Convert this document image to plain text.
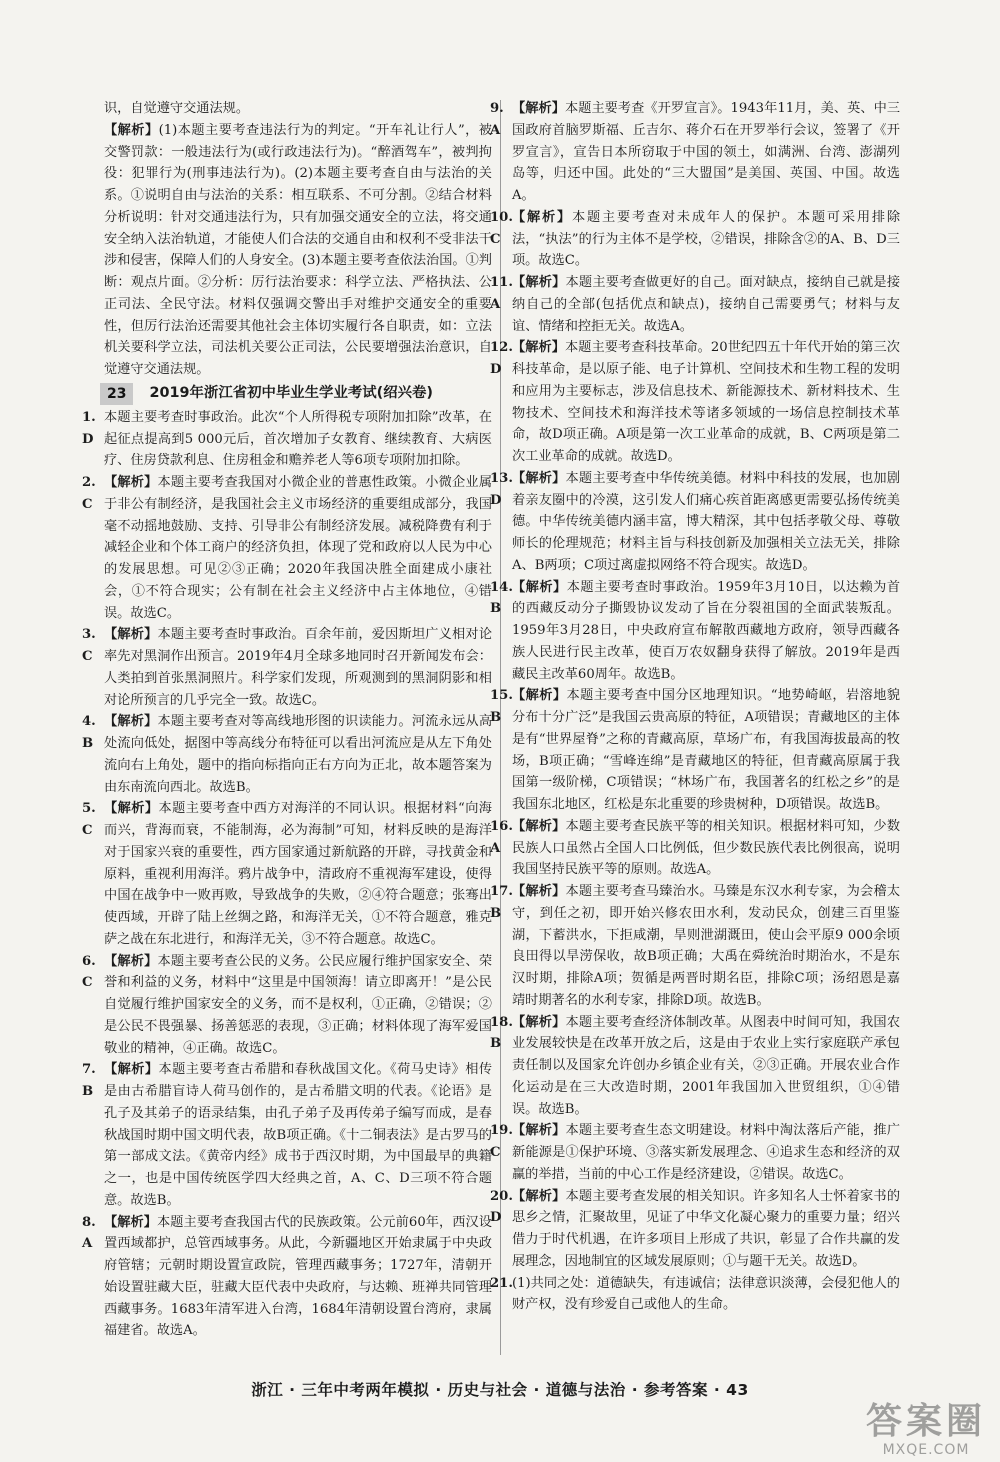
识，自觉遵守交通法规。

【解析】(1)本题主要考查违法行为的判定。“开车礼让行人”，被交警罚款：一般违法行为(或行政违法行为)。“醉酒驾车”，被判拘役：犯罪行为(刑事违法行为)。(2)本题主要考查自由与法治的关系。①说明自由与法治的关系：相互联系、不可分割。②结合材料分析说明：针对交通违法行为，只有加强交通安全的立法，将交通安全纳入法治轨道，才能使人们合法的交通自由和权利不受非法干涉和侵害，保障人们的人身安全。(3)本题主要考查依法治国。①判断：观点片面。②分析：厉行法治要求：科学立法、严格执法、公正司法、全民守法。材料仅强调交警出手对维护交通安全的重要性，但厉行法治还需要其他社会主体切实履行各自职责，如：立法机关要科学立法，司法机关要公正司法，公民要增强法治意识，自觉遵守交通法规。

23	2019年浙江省初中毕业生学业考试(绍兴卷)
1. D
本题主要考查时事政治。此次“个人所得税专项附加扣除”改革，在起征点提高到5 000元后，首次增加子女教育、继续教育、大病医疗、住房贷款利息、住房租金和赡养老人等6项专项附加扣除。
2. C
【解析】本题主要考查我国对小微企业的普惠性政策。小微企业属于非公有制经济，是我国社会主义市场经济的重要组成部分，我国毫不动摇地鼓励、支持、引导非公有制经济发展。减税降费有利于减轻企业和个体工商户的经济负担，体现了党和政府以人民为中心的发展思想。可见②③正确；2020年我国决胜全面建成小康社会，①不符合现实；公有制在社会主义经济中占主体地位，④错误。故选C。
3. C
【解析】本题主要考查时事政治。百余年前，爱因斯坦广义相对论率先对黑洞作出预言。2019年4月全球多地同时召开新闻发布会：人类拍到首张黑洞照片。科学家们发现，所观测到的黑洞阴影和相对论所预言的几乎完全一致。故选C。
4. B
【解析】本题主要考查对等高线地形图的识读能力。河流永远从高处流向低处，据图中等高线分布特征可以看出河流应是从左下角处流向右上角处，题中的指向标指向正右方向为正北，故本题答案为由东南流向西北。故选B。
5. C
【解析】本题主要考查中西方对海洋的不同认识。根据材料“向海而兴，背海而衰，不能制海，必为海制”可知，材料反映的是海洋对于国家兴衰的重要性，西方国家通过新航路的开辟，寻找黄金和原料，重视利用海洋。鸦片战争中，清政府不重视海军建设，使得中国在战争中一败再败，导致战争的失败，②④符合题意；张骞出使西域，开辟了陆上丝绸之路，和海洋无关，①不符合题意，雅克萨之战在东北进行，和海洋无关，③不符合题意。故选C。
6. C
【解析】本题主要考查公民的义务。公民应履行维护国家安全、荣誉和利益的义务，材料中“这里是中国领海！请立即离开！”是公民自觉履行维护国家安全的义务，而不是权利，①正确，②错误；②是公民不畏强暴、扬善惩恶的表现，③正确；材料体现了海军爱国敬业的精神，④正确。故选C。
7. B
【解析】本题主要考查古希腊和春秋战国文化。《荷马史诗》相传是由古希腊盲诗人荷马创作的，是古希腊文明的代表。《论语》是孔子及其弟子的语录结集，由孔子弟子及再传弟子编写而成，是春秋战国时期中国文明代表，故B项正确。《十二铜表法》是古罗马的第一部成文法。《黄帝内经》成书于西汉时期，为中国最早的典籍之一，也是中国传统医学四大经典之首，A、C、D三项不符合题意。故选B。
8. A
【解析】本题主要考查我国古代的民族政策。公元前60年，西汉设置西域都护，总管西域事务。从此，今新疆地区开始隶属于中央政府管辖；元朝时期设置宣政院，管理西藏事务；1727年，清朝开始设置驻藏大臣，驻藏大臣代表中央政府，与达赖、班禅共同管理西藏事务。1683年清军进入台湾，1684年清朝设置台湾府，隶属福建省。故选A。
9. A
【解析】本题主要考查《开罗宣言》。1943年11月，美、英、中三国政府首脑罗斯福、丘吉尔、蒋介石在开罗举行会议，签署了《开罗宣言》，宣告日本所窃取于中国的领土，如满洲、台湾、澎湖列岛等，归还中国。此处的“三大盟国”是美国、英国、中国。故选A。
10. C
【解析】本题主要考查对未成年人的保护。本题可采用排除法，“执法”的行为主体不是学校，②错误，排除含②的A、B、D三项。故选C。
11. A
【解析】本题主要考查做更好的自己。面对缺点，接纳自己就是接纳自己的全部(包括优点和缺点)，接纳自己需要勇气；材料与友谊、情绪和控拒无关。故选A。
12. D
【解析】本题主要考查科技革命。20世纪四五十年代开始的第三次科技革命，是以原子能、电子计算机、空间技术和生物工程的发明和应用为主要标志，涉及信息技术、新能源技术、新材料技术、生物技术、空间技术和海洋技术等诸多领域的一场信息控制技术革命，故D项正确。A项是第一次工业革命的成就，B、C两项是第二次工业革命的成就。故选D。
13. D
【解析】本题主要考查中华传统美德。材料中科技的发展，也加剧着亲友圈中的冷漠，这引发人们痛心疾首距离感更需要弘扬传统美德。中华传统美德内涵丰富，博大精深，其中包括孝敬父母、尊敬师长的伦理规范；材料主旨与科技创新及加强相关立法无关，排除A、B两项；C项过离虚拟网络不符合现实。故选D。
14. B
【解析】本题主要考查时事政治。1959年3月10日，以达赖为首的西藏反动分子撕毁协议发动了旨在分裂祖国的全面武装叛乱。1959年3月28日，中央政府宣布解散西藏地方政府，领导西藏各族人民进行民主改革，使百万农奴翻身获得了解放。2019年是西藏民主改革60周年。故选B。
15. B
【解析】本题主要考查中国分区地理知识。“地势崎岖，岩溶地貌分布十分广泛”是我国云贵高原的特征，A项错误；青藏地区的主体是有“世界屋脊”之称的青藏高原，草场广布，有我国海拔最高的牧场，B项正确；“雪峰连绵”是青藏地区的特征，但青藏高原属于我国第一级阶梯，C项错误；“林场广布，我国著名的红松之乡”的是我国东北地区，红松是东北重要的珍贵树种，D项错误。故选B。
16. A
【解析】本题主要考查民族平等的相关知识。根据材料可知，少数民族人口虽然占全国人口比例低，但少数民族代表比例很高，说明我国坚持民族平等的原则。故选A。
17. B
【解析】本题主要考查马臻治水。马臻是东汉水利专家，为会稽太守，到任之初，即开始兴修农田水利，发动民众，创建三百里鉴湖，下蓄洪水，下拒咸潮，旱则泄湖溉田，使山会平原9 000余顷良田得以旱涝保收，故B项正确；大禹在舜统治时期治水，不是东汉时期，排除A项；贺循是两晋时期名臣，排除C项；汤绍恩是嘉靖时期著名的水利专家，排除D项。故选B。
18. B
【解析】本题主要考查经济体制改革。从图表中时间可知，我国农业发展较快是在改革开放之后，这是由于农业上实行家庭联产承包责任制以及国家允许创办乡镇企业有关，②③正确。开展农业合作化运动是在三大改造时期，2001年我国加入世贸组织，①④错误。故选B。
19. C
【解析】本题主要考查生态文明建设。材料中淘汰落后产能，推广新能源是①保护环境、③落实新发展理念、④追求生态和经济的双赢的举措，当前的中心工作是经济建设，②错误。故选C。
20. D
【解析】本题主要考查发展的相关知识。许多知名人士怀着家书的思乡之情，汇聚故里，见证了中华文化凝心聚力的重要力量；绍兴借力于时代机遇，在许多项目上形成了共识，彰显了合作共赢的发展理念，因地制宜的区域发展原则；①与题干无关。故选D。
21. (1)共同之处：道德缺失，有违诚信；法律意识淡薄，会侵犯他人的财产权，没有珍爱自己或他人的生命。
浙江 · 三年中考两年模拟 · 历史与社会 · 道德与法治 · 参考答案 · 43
答案圈
MXQE.COM
